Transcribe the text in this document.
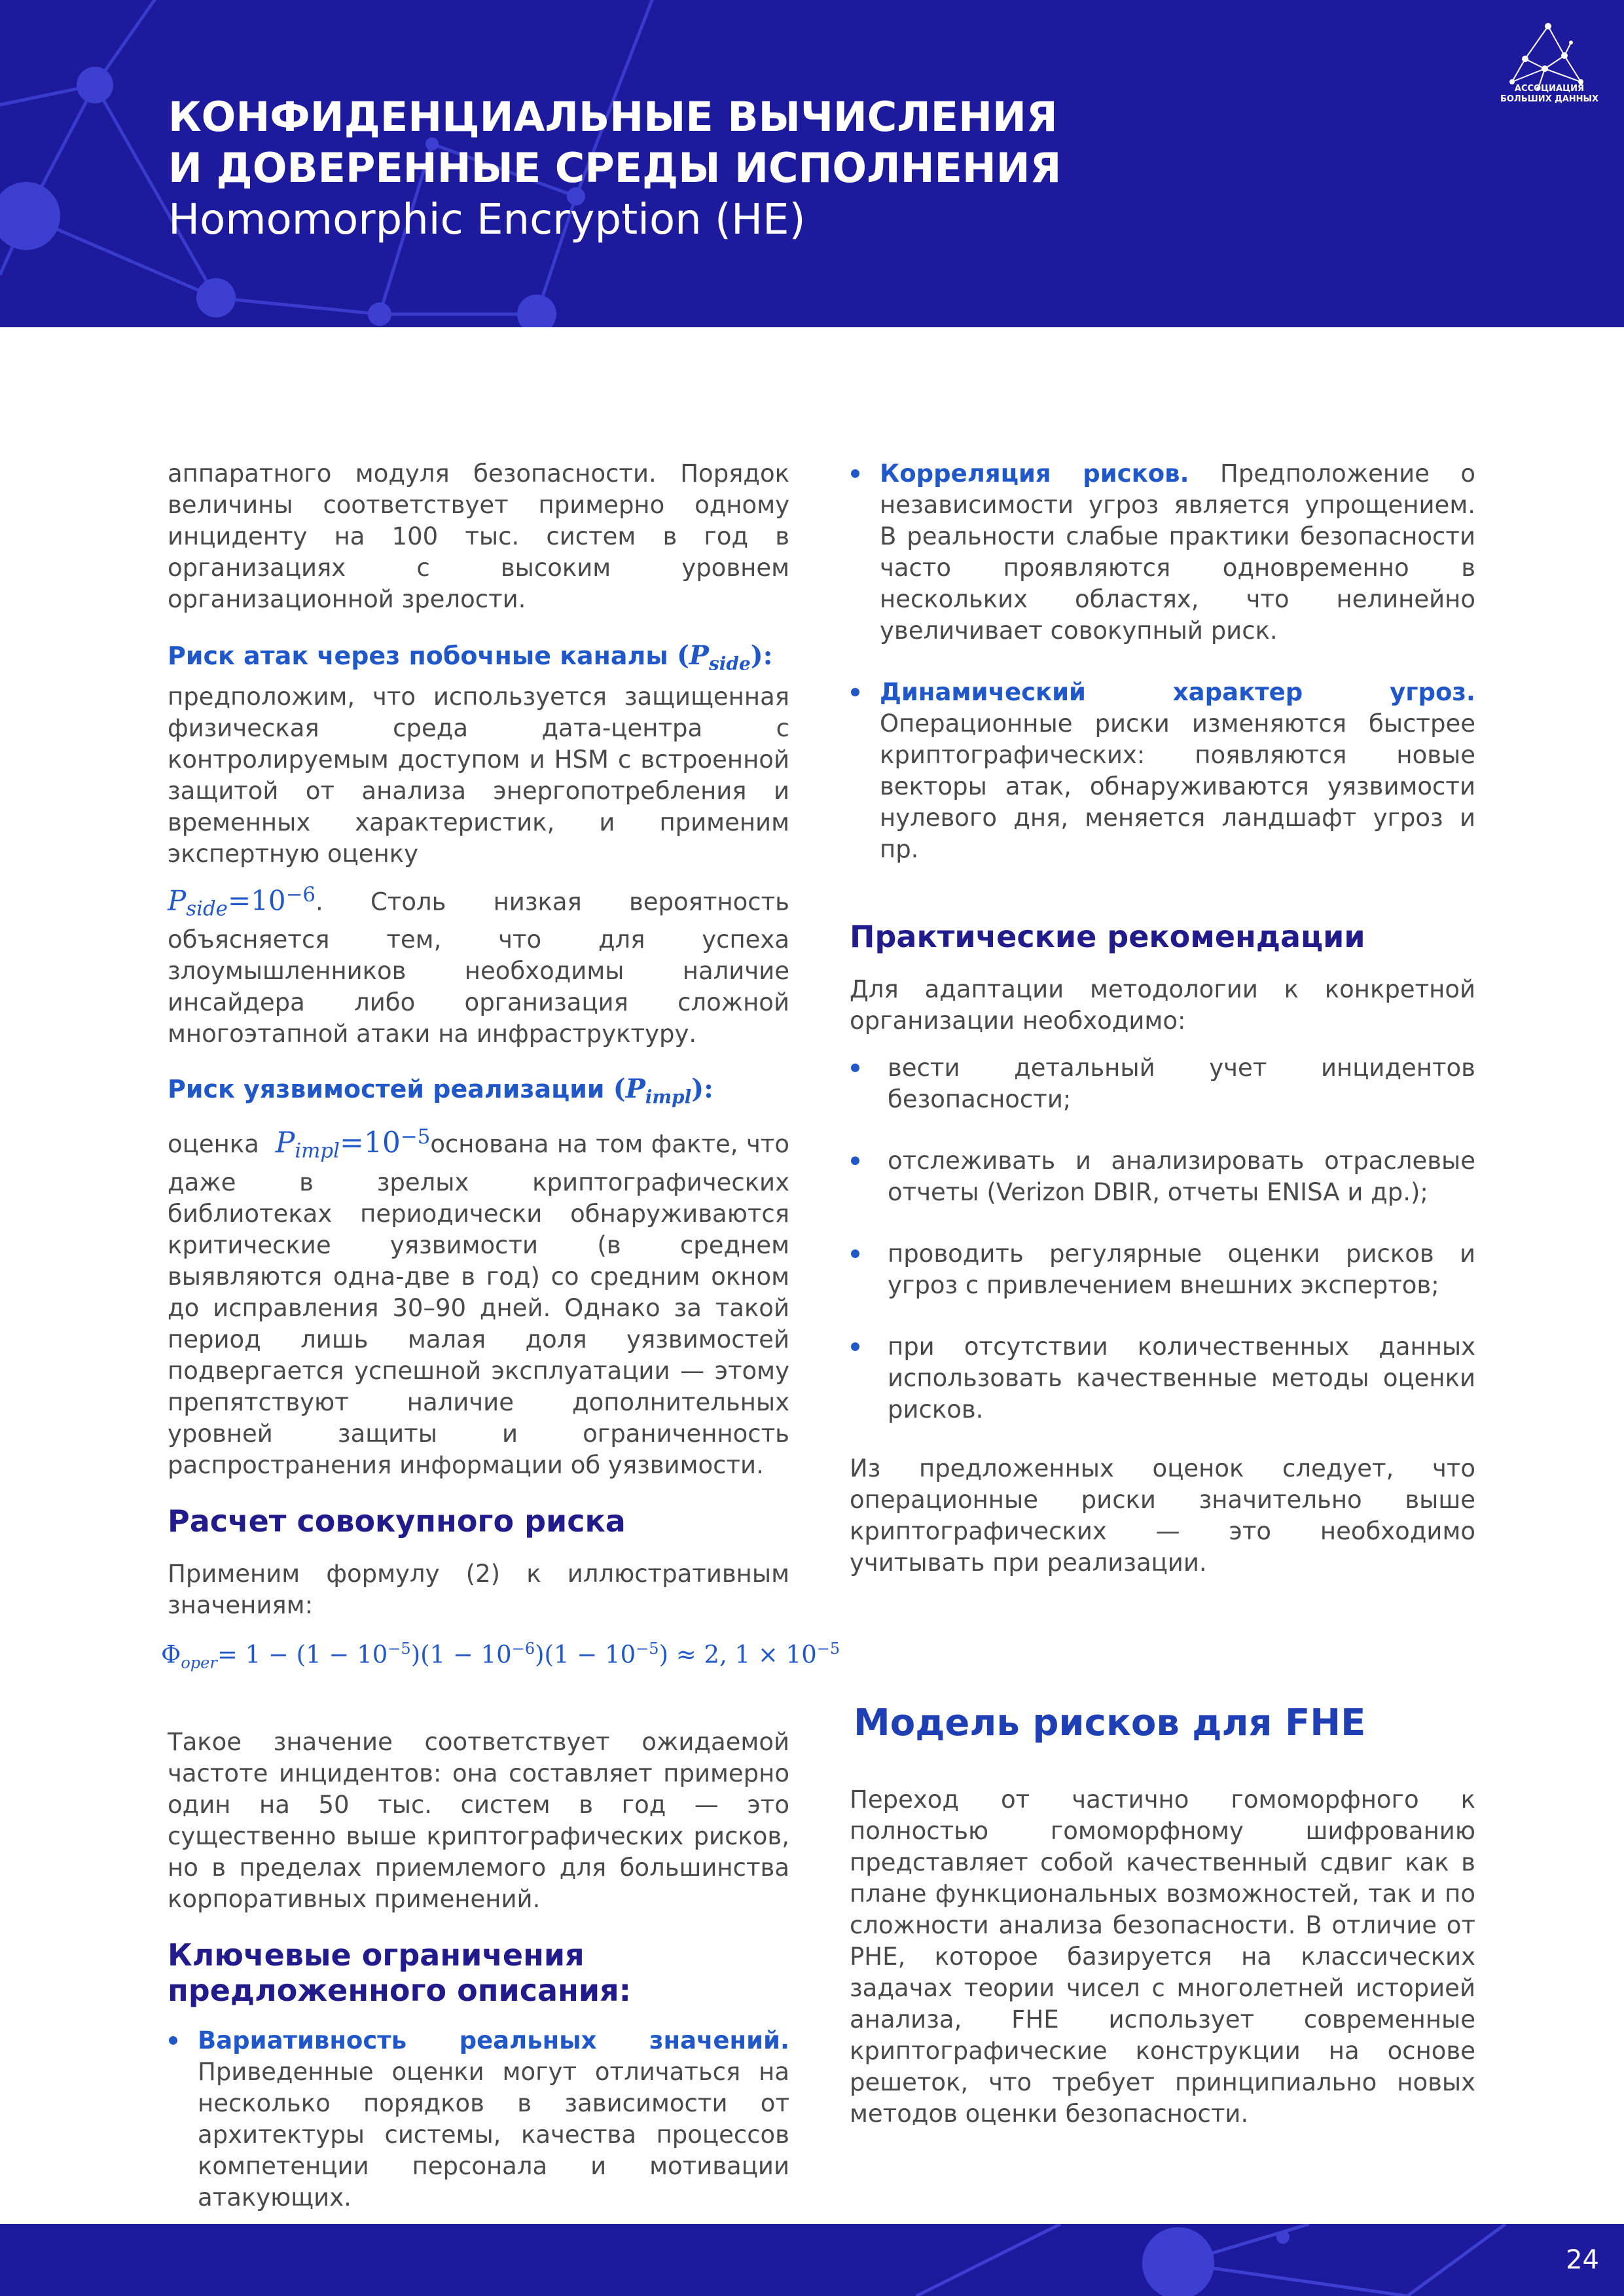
КОНФИДЕНЦИАЛЬНЫЕ ВЫЧИСЛЕНИЯ
И ДОВЕРЕННЫЕ СРЕДЫ ИСПОЛНЕНИЯ
Homomorphic Encryption (HE)
АССОЦИАЦИЯ
БОЛЬШИХ ДАННЫХ

аппаратного модуля безопасности. Порядок величины соответствует примерно одному инциденту на 100 тыс. систем в год в организациях с высоким уровнем организационной зрелости.

Риск атак через побочные каналы $(P_{side})$:

предположим, что используется защищенная физическая среда дата-центра с контролируемым доступом и HSM с встроенной защитой от анализа энергопотребления и временных характеристик, и применим экспертную оценку

$P_{side}=10^{-6}$. Столь низкая вероятность объясняется тем, что для успеха злоумышленников необходимы наличие инсайдера либо организация сложной многоэтапной атаки на инфраструктуру.

Риск уязвимостей реализации $(P_{impl})$:

оценка $P_{impl}=10^{-5}основана$ на том факте, что даже в зрелых криптографических библиотеках периодически обнаруживаются критические уязвимости (в среднем выявляются одна-две в год) со средним окном до исправления 30–90 дней. Однако за такой период лишь малая доля уязвимостей подвергается успешной эксплуатации — этому препятствуют наличие дополнительных уровней защиты и ограниченность распространения информации об уязвимости.

Расчет совокупного риска

Применим формулу (2) к иллюстративным значениям:

$\Phi_{oper}= 1 - (1 - 10^{-5})(1 - 10^{-6})(1 - 10^{-5}) \approx 2$, $1 \times 10^{-5}$

Такое значение соответствует ожидаемой частоте инцидентов: она составляет примерно один на 50 тыс. систем в год — это существенно выше криптографических рисков, но в пределах приемлемого для большинства корпоративных применений.

Ключевые ограничения
предложенного описания:

Вариативность реальных значений. Приведенные оценки могут отличаться на несколько порядков в зависимости от архитектуры системы, качества процессов компетенции персонала и мотивации атакующих.

Корреляция рисков. Предположение о независимости угроз является упрощением. В реальности слабые практики безопасности часто проявляются одновременно в нескольких областях, что нелинейно увеличивает совокупный риск.

Динамический характер угроз. Операционные риски изменяются быстрее криптографических: появляются новые векторы атак, обнаруживаются уязвимости нулевого дня, меняется ландшафт угроз и пр.

Практические рекомендации

Для адаптации методологии к конкретной организации необходимо:

вести детальный учет инцидентов безопасности;

отслеживать и анализировать отраслевые отчеты (Verizon DBIR, отчеты ENISA и др.);

проводить регулярные оценки рисков и угроз с привлечением внешних экспертов;

при отсутствии количественных данных использовать качественные методы оценки рисков.

Из предложенных оценок следует, что операционные риски значительно выше криптографических — это необходимо учитывать при реализации.

Модель рисков для FHE

Переход от частично гомоморфного к полностью гомоморфному шифрованию представляет собой качественный сдвиг как в плане функциональных возможностей, так и по сложности анализа безопасности. В отличие от PHE, которое базируется на классических задачах теории чисел с многолетней историей анализа, FHE использует современные криптографические конструкции на основе решеток, что требует принципиально новых методов оценки безопасности.

24
